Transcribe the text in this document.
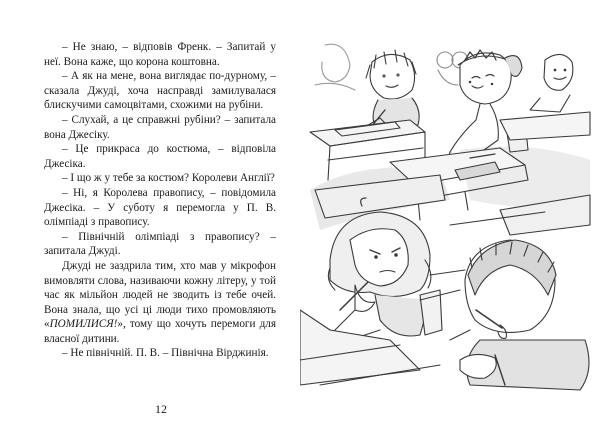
– Не знаю, – відповів Френк. – Запитай у неї. Вона каже, що корона коштовна.

– А як на мене, вона виглядає по-дурному, – сказала Джуді, хоча насправді замилувалася блискучими самоцвітами, схожими на рубіни.

– Слухай, а це справжні рубіни? – запитала вона Джесіку.

– Це прикраса до костюма, – відповіла Джесіка.

– І що ж у тебе за костюм? Королеви Англії?

– Ні, я Королева правопису, – повідомила Джесіка. – У суботу я перемогла у П. В. олімпіаді з правопису.

– Північній олімпіаді з правопису? – запитала Джуді.

Джуді не заздрила тим, хто мав у мікрофон вимовляти слова, називаючи кожну літеру, у той час як мільйон людей не зводить із тебе очей. Вона знала, що усі ці люди тихо промовляють «ПОМИЛИСЯ!», тому що хочуть перемоги для власної дитини.

– Не північній. П. В. – Північна Вірджинія.

12
